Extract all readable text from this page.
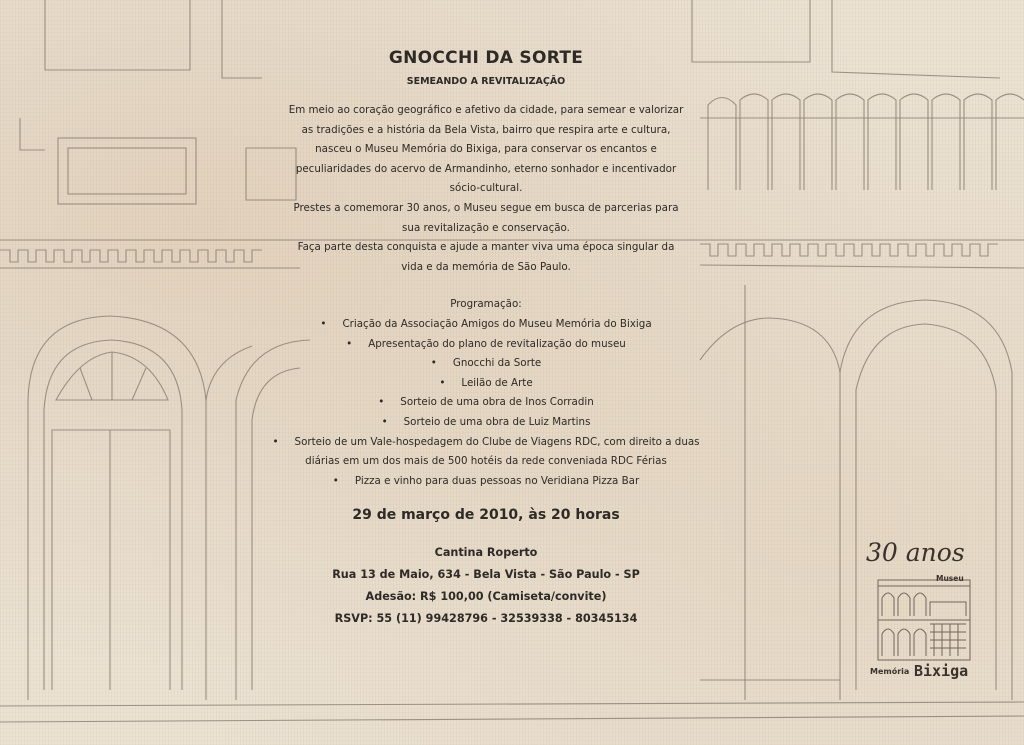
GNOCCHI DA SORTE
SEMEANDO A REVITALIZAÇÃO

Em meio ao coração geográfico e afetivo da cidade, para semear e valorizar

as tradições e a história da Bela Vista, bairro que respira arte e cultura,

nasceu o Museu Memória do Bixiga, para conservar os encantos e

peculiaridades do acervo de Armandinho, eterno sonhador e incentivador

sócio-cultural.

Prestes a comemorar 30 anos, o Museu segue em busca de parcerias para

sua revitalização e conservação.

Faça parte desta conquista e ajude a manter viva uma época singular da

vida e da memória de São Paulo.

Programação:
• Criação da Associação Amigos do Museu Memória do Bixiga
• Apresentação do plano de revitalização do museu
• Gnocchi da Sorte
• Leilão de Arte
• Sorteio de uma obra de Inos Corradin
• Sorteio de uma obra de Luiz Martins
• Sorteio de um Vale-hospedagem do Clube de Viagens RDC, com direito a duas diárias em um dos mais de 500 hotéis da rede conveniada RDC Férias
• Pizza e vinho para duas pessoas no Veridiana Pizza Bar
29 de março de 2010, às 20 horas
Cantina Roperto
Rua 13 de Maio, 634 - Bela Vista - São Paulo - SP
Adesão: R$ 100,00 (Camiseta/convite)
RSVP: 55 (11) 99428796 - 32539338 - 80345134
30 anos
Museu
Memória Bixiga
